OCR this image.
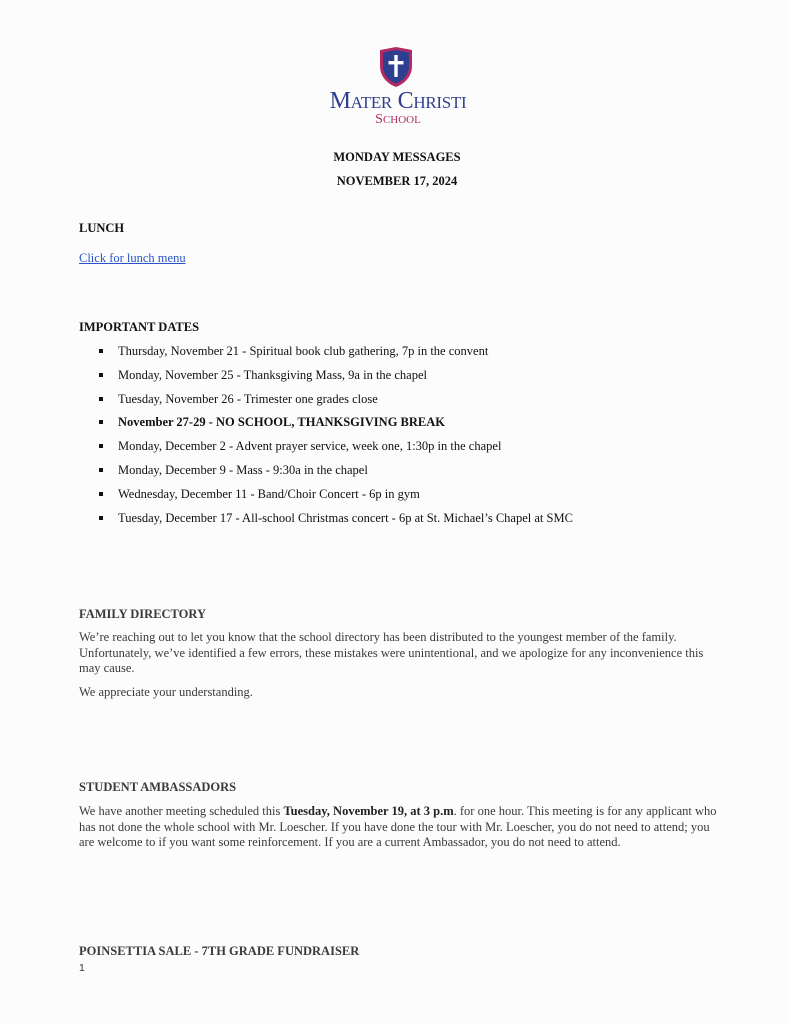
MATER CHRISTI
SCHOOL
MONDAY MESSAGES
NOVEMBER 17, 2024
LUNCH
Click for lunch menu
IMPORTANT DATES
Thursday, November 21 - Spiritual book club gathering, 7p in the convent
Monday, November 25 - Thanksgiving Mass, 9a in the chapel
Tuesday, November 26 - Trimester one grades close
November 27-29 - NO SCHOOL, THANKSGIVING BREAK
Monday, December 2 - Advent prayer service, week one, 1:30p in the chapel
Monday, December 9 - Mass - 9:30a in the chapel
Wednesday, December 11 - Band/Choir Concert - 6p in gym
Tuesday, December 17 - All-school Christmas concert - 6p at St. Michael’s Chapel at SMC
FAMILY DIRECTORY

We’re reaching out to let you know that the school directory has been distributed to the youngest member of the family. Unfortunately, we’ve identified a few errors, these mistakes were unintentional, and we apologize for any inconvenience this may cause.

We appreciate your understanding.

STUDENT AMBASSADORS

We have another meeting scheduled this Tuesday, November 19, at 3 p.m. for one hour. This meeting is for any applicant who has not done the whole school with Mr. Loescher. If you have done the tour with Mr. Loescher, you do not need to attend; you are welcome to if you want some reinforcement. If you are a current Ambassador, you do not need to attend.

POINSETTIA SALE - 7TH GRADE FUNDRAISER
1
